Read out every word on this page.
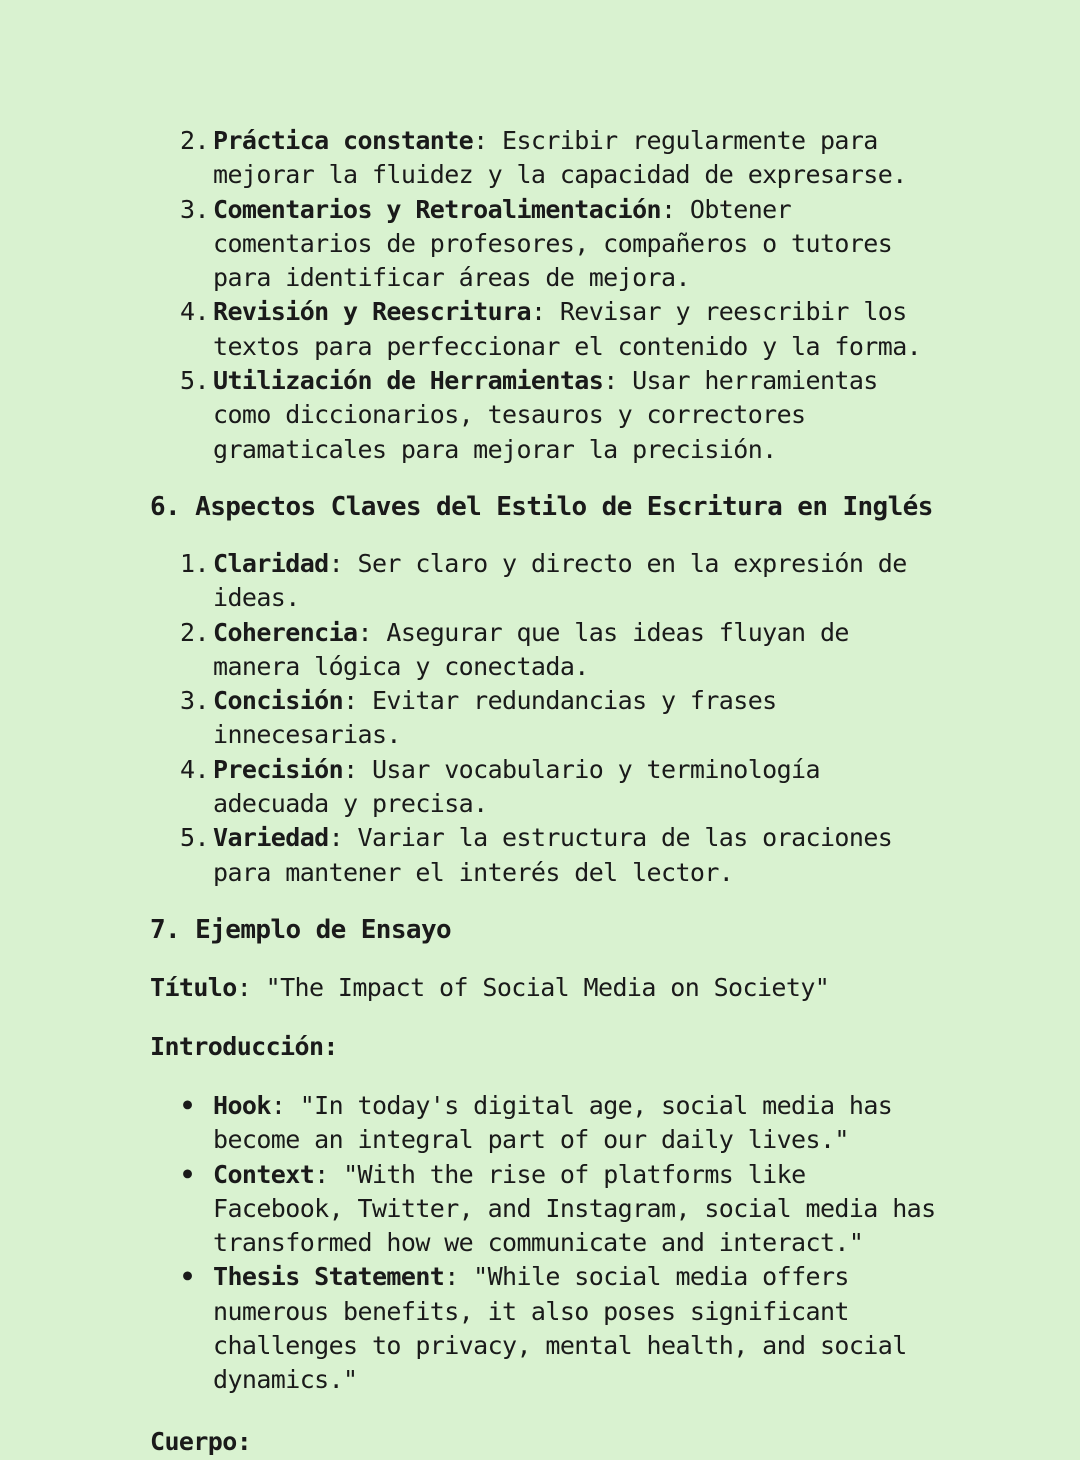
2. Práctica constante: Escribir regularmente para mejorar la fluidez y la capacidad de expresarse.
3. Comentarios y Retroalimentación: Obtener comentarios de profesores, compañeros o tutores para identificar áreas de mejora.
4. Revisión y Reescritura: Revisar y reescribir los textos para perfeccionar el contenido y la forma.
5. Utilización de Herramientas: Usar herramientas como diccionarios, tesauros y correctores gramaticales para mejorar la precisión.
6. Aspectos Claves del Estilo de Escritura en Inglés
1. Claridad: Ser claro y directo en la expresión de ideas.
2. Coherencia: Asegurar que las ideas fluyan de manera lógica y conectada.
3. Concisión: Evitar redundancias y frases innecesarias.
4. Precisión: Usar vocabulario y terminología adecuada y precisa.
5. Variedad: Variar la estructura de las oraciones para mantener el interés del lector.
7. Ejemplo de Ensayo
Título: "The Impact of Social Media on Society"
Introducción:
• Hook: "In today's digital age, social media has become an integral part of our daily lives."
• Context: "With the rise of platforms like Facebook, Twitter, and Instagram, social media has transformed how we communicate and interact."
• Thesis Statement: "While social media offers numerous benefits, it also poses significant challenges to privacy, mental health, and social dynamics."
Cuerpo:
